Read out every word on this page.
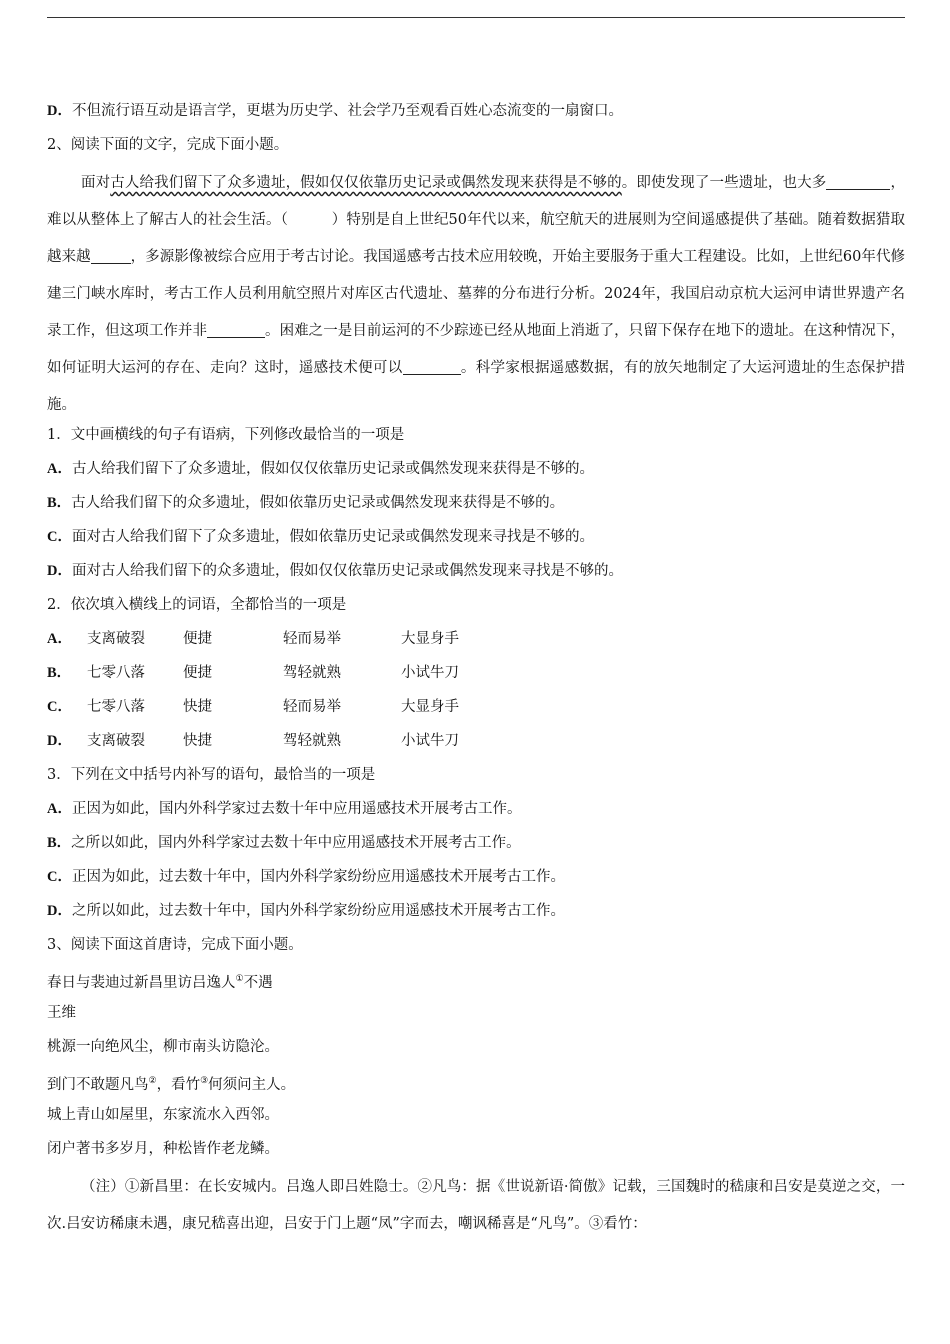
D．不但流行语互动是语言学，更堪为历史学、社会学乃至观看百姓心态流变的一扇窗口。
2、阅读下面的文字，完成下面小题。

面对古人给我们留下了众多遗址，假如仅仅依靠历史记录或偶然发现来获得是不够的。即使发现了一些遗址，也大多	，难以从整体上了解古人的社会生活。（　　　）特别是自上世纪50年代以来，航空航天的进展则为空间遥感提供了基础。随着数据猎取越来越	，多源影像被综合应用于考古讨论。我国遥感考古技术应用较晚，开始主要服务于重大工程建设。比如，上世纪60年代修建三门峡水库时，考古工作人员利用航空照片对库区古代遗址、墓葬的分布进行分析。2024年，我国启动京杭大运河申请世界遗产名录工作，但这项工作并非	。困难之一是目前运河的不少踪迹已经从地面上消逝了，只留下保存在地下的遗址。在这种情况下，如何证明大运河的存在、走向？这时，遥感技术便可以	。科学家根据遥感数据，有的放矢地制定了大运河遗址的生态保护措施。

1．文中画横线的句子有语病，下列修改最恰当的一项是
A．古人给我们留下了众多遗址，假如仅仅依靠历史记录或偶然发现来获得是不够的。
B．古人给我们留下的众多遗址，假如依靠历史记录或偶然发现来获得是不够的。
C．面对古人给我们留下了众多遗址，假如依靠历史记录或偶然发现来寻找是不够的。
D．面对古人给我们留下的众多遗址，假如仅仅依靠历史记录或偶然发现来寻找是不够的。
2．依次填入横线上的词语，全都恰当的一项是
A．	支离破裂	便捷	轻而易举	大显身手
B．	七零八落	便捷	驾轻就熟	小试牛刀
C．	七零八落	快捷	轻而易举	大显身手
D．	支离破裂	快捷	驾轻就熟	小试牛刀
3．下列在文中括号内补写的语句，最恰当的一项是
A．正因为如此，国内外科学家过去数十年中应用遥感技术开展考古工作。
B．之所以如此，国内外科学家过去数十年中应用遥感技术开展考古工作。
C．正因为如此，过去数十年中，国内外科学家纷纷应用遥感技术开展考古工作。
D．之所以如此，过去数十年中，国内外科学家纷纷应用遥感技术开展考古工作。
3、阅读下面这首唐诗，完成下面小题。
春日与裴迪过新昌里访吕逸人①不遇
王维
桃源一向绝风尘，柳市南头访隐沦。
到门不敢题凡鸟②，看竹③何须问主人。
城上青山如屋里，东家流水入西邻。
闭户著书多岁月，种松皆作老龙鳞。

（注）①新昌里：在长安城内。吕逸人即吕姓隐士。②凡鸟：据《世说新语·简傲》记载，三国魏时的嵇康和吕安是莫逆之交，一次.吕安访稀康未遇，康兄嵇喜出迎，吕安于门上题“凤”字而去，嘲讽稀喜是“凡鸟”。③看竹：
